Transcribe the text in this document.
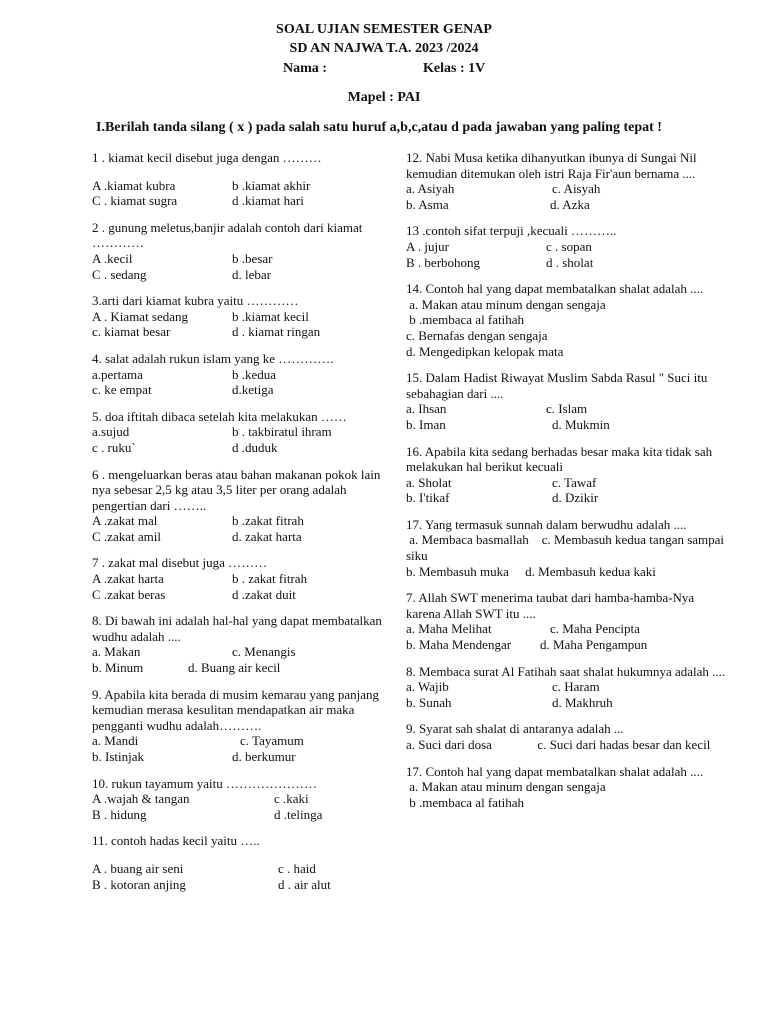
SOAL UJIAN SEMESTER GENAP
SD AN NAJWA T.A. 2023 /2024
Nama :	Kelas : 1V
Mapel : PAI
I.Berilah tanda silang ( x ) pada salah satu huruf a,b,c,atau d pada jawaban yang paling tepat !
1 . kiamat kecil disebut juga dengan ………
A .kiamat kubra	b .kiamat akhir
C . kiamat sugra	d .kiamat hari
2 . gunung meletus,banjir adalah contoh dari kiamat …………
A .kecil	b .besar
C . sedang	d. lebar
3.arti dari kiamat kubra yaitu …………
A . Kiamat sedang	b .kiamat kecil
c. kiamat besar	d . kiamat ringan
4. salat adalah rukun islam yang ke ………….
a.pertama	b .kedua
c. ke empat	d.ketiga
5. doa iftitah dibaca setelah kita melakukan ……
a.sujud	b . takbiratul ihram
c . ruku`	d .duduk
6 . mengeluarkan beras atau bahan makanan pokok lain nya sebesar 2,5 kg atau 3,5 liter per orang adalah pengertian dari ……..
A .zakat mal	b .zakat fitrah
C .zakat amil	d. zakat harta
7 . zakat mal disebut juga ………
A .zakat harta	b . zakat fitrah
C .zakat beras	d .zakat duit
8. Di bawah ini adalah hal-hal yang dapat membatalkan wudhu adalah ....
a. Makan	c. Menangis
b. Minum	d. Buang air kecil
9. Apabila kita berada di musim kemarau yang panjang kemudian merasa kesulitan mendapatkan air maka pengganti wudhu adalah……….
a. Mandi	c. Tayamum
b. Istinjak	d. berkumur
10. rukun tayamum yaitu …………………
A .wajah & tangan	c .kaki
B . hidung	d .telinga
11. contoh hadas kecil yaitu …..
A . buang air seni	c . haid
B . kotoran anjing	d . air alut
12. Nabi Musa ketika dihanyutkan ibunya di Sungai Nil kemudian ditemukan oleh istri Raja Fir'aun bernama ....
a. Asiyah	c. Aisyah
b. Asma	d. Azka
13 .contoh sifat terpuji ,kecuali ………..
A . jujur	c . sopan
B . berbohong	d . sholat
14. Contoh hal yang dapat membatalkan shalat adalah ....
a. Makan atau minum dengan sengaja
b .membaca al fatihah
c. Bernafas dengan sengaja
d. Mengedipkan kelopak mata
15. Dalam Hadist Riwayat Muslim Sabda Rasul " Suci itu sebahagian dari ....
a. Ihsan	c. Islam
b. Iman	d. Mukmin
16. Apabila kita sedang berhadas besar maka kita tidak sah melakukan hal berikut kecuali
a. Sholat	c. Tawaf
b. I'tikaf	d. Dzikir
17. Yang termasuk sunnah dalam berwudhu adalah ....
a. Membaca basmallah    c. Membasuh kedua tangan sampai siku
b. Membasuh muka     d. Membasuh kedua kaki
7. Allah SWT menerima taubat dari hamba-hamba-Nya karena Allah SWT itu ....
a. Maha Melihat	c. Maha Pencipta
b. Maha Mendengar d. Maha Pengampun
8. Membaca surat Al Fatihah saat shalat hukumnya adalah ....
a. Wajib	c. Haram
b. Sunah	d. Makhruh
9. Syarat sah shalat di antaranya adalah ...
a. Suci dari dosa              c. Suci dari hadas besar dan kecil
17. Contoh hal yang dapat membatalkan shalat adalah ....
a. Makan atau minum dengan sengaja
b .membaca al fatihah
